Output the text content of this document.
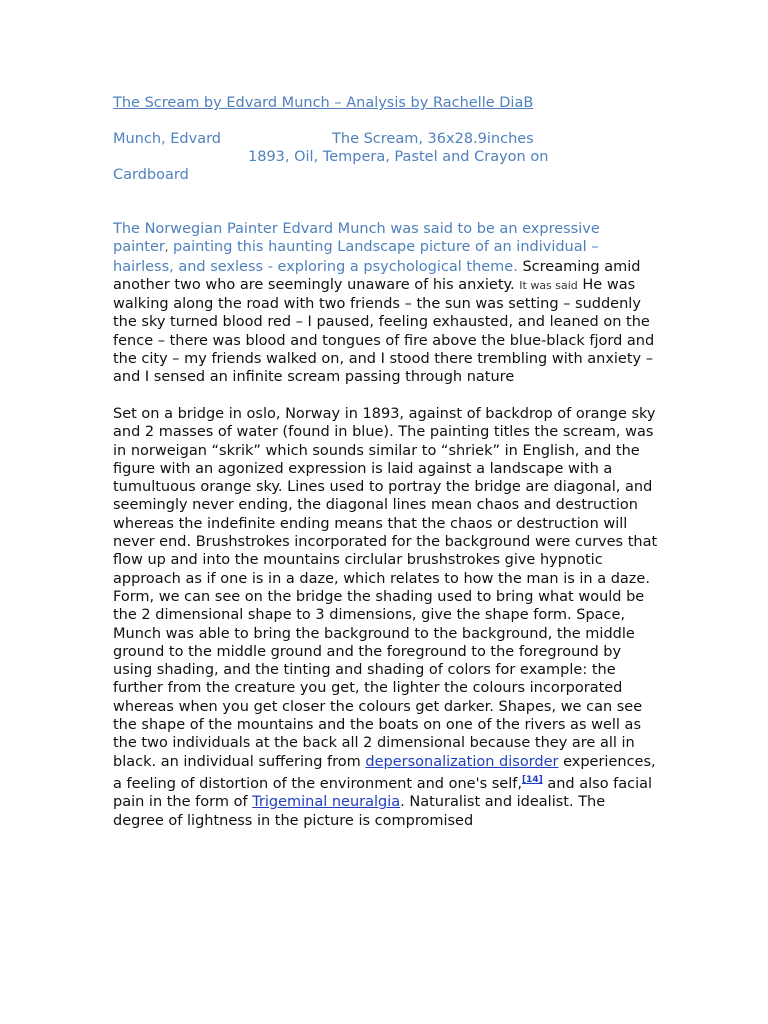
The Scream by Edvard Munch – Analysis by Rachelle DiaB

Munch, Edvard	The Scream, 36x28.9inches
1893, Oil, Tempera, Pastel and Crayon on
Cardboard

The Norwegian Painter Edvard Munch was said to be an expressive painter, painting this haunting Landscape picture of an individual – hairless, and sexless - exploring a psychological theme. Screaming amid another two who are seemingly unaware of his anxiety. It was said He was walking along the road with two friends – the sun was setting – suddenly the sky turned blood red – I paused, feeling exhausted, and leaned on the fence – there was blood and tongues of fire above the blue-black fjord and the city – my friends walked on, and I stood there trembling with anxiety – and I sensed an infinite scream passing through nature

Set on a bridge in oslo, Norway in 1893, against of backdrop of orange sky and 2 masses of water (found in blue). The painting titles the scream, was in norweigan “skrik” which sounds similar to “shriek” in English, and the figure with an agonized expression is laid against a landscape with a tumultuous orange sky. Lines used to portray the bridge are diagonal, and seemingly never ending, the diagonal lines mean chaos and destruction whereas the indefinite ending means that the chaos or destruction will never end. Brushstrokes incorporated for the background were curves that flow up and into the mountains circlular brushstrokes give hypnotic approach as if one is in a daze, which relates to how the man is in a daze. Form, we can see on the bridge the shading used to bring what would be the 2 dimensional shape to 3 dimensions, give the shape form. Space, Munch was able to bring the background to the background, the middle ground to the middle ground and the foreground to the foreground by using shading, and the tinting and shading of colors for example: the further from the creature you get, the lighter the colours incorporated whereas when you get closer the colours get darker. Shapes, we can see the shape of the mountains and the boats on one of the rivers as well as the two individuals at the back all 2 dimensional because they are all in black. an individual suffering from depersonalization disorder experiences, a feeling of distortion of the environment and one's self,[14] and also facial pain in the form of Trigeminal neuralgia. Naturalist and idealist. The degree of lightness in the picture is compromised
